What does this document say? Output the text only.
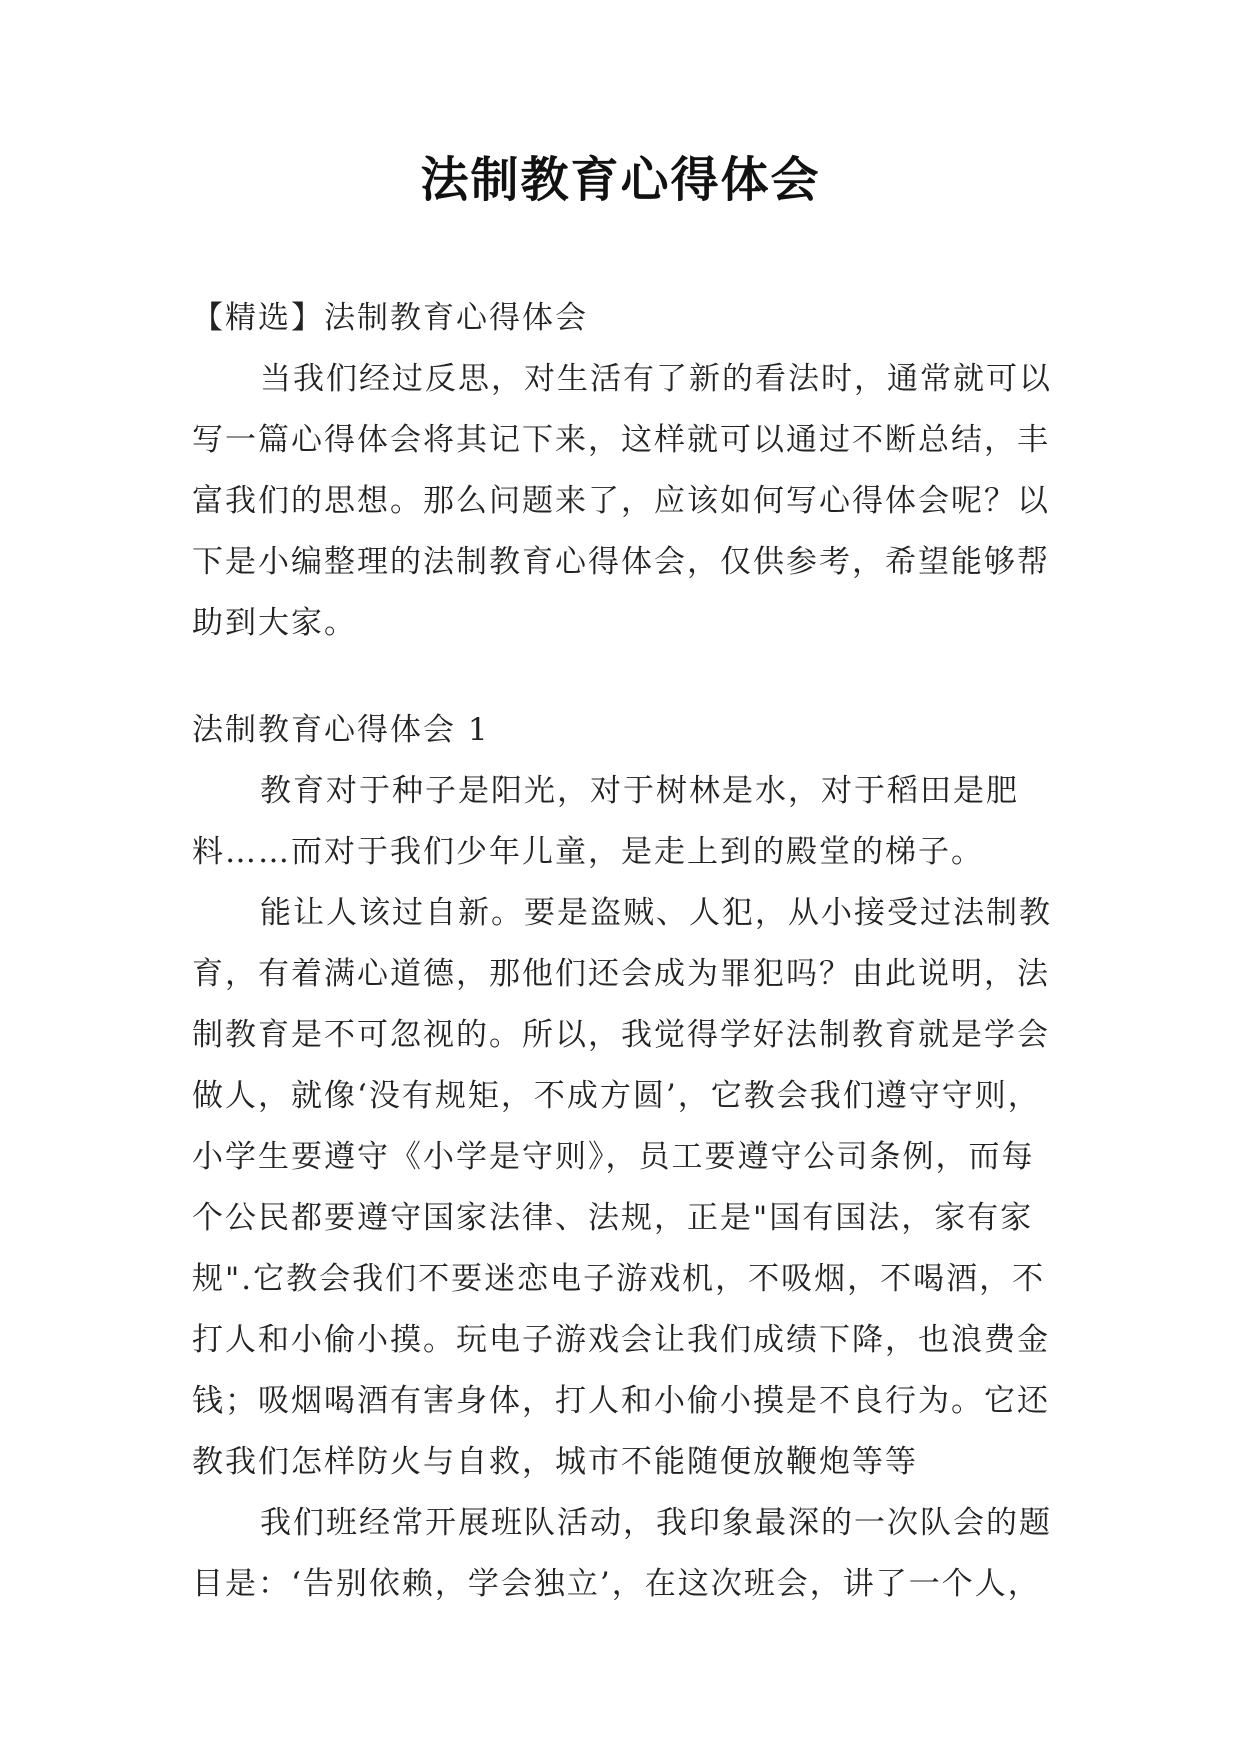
法制教育心得体会

【精选】法制教育心得体会

当我们经过反思，对生活有了新的看法时，通常就可以
写一篇心得体会将其记下来，这样就可以通过不断总结，丰
富我们的思想。那么问题来了，应该如何写心得体会呢？以
下是小编整理的法制教育心得体会，仅供参考，希望能够帮
助到大家。

法制教育心得体会 1

教育对于种子是阳光，对于树林是水，对于稻田是肥
料……而对于我们少年儿童，是走上到的殿堂的梯子。

能让人该过自新。要是盗贼、人犯，从小接受过法制教
育，有着满心道德，那他们还会成为罪犯吗？由此说明，法
制教育是不可忽视的。所以，我觉得学好法制教育就是学会
做人，就像‘没有规矩，不成方圆’，它教会我们遵守守则，
小学生要遵守《小学是守则》，员工要遵守公司条例，而每
个公民都要遵守国家法律、法规，正是"国有国法，家有家
规".它教会我们不要迷恋电子游戏机，不吸烟，不喝酒，不
打人和小偷小摸。玩电子游戏会让我们成绩下降，也浪费金
钱；吸烟喝酒有害身体，打人和小偷小摸是不良行为。它还
教我们怎样防火与自救，城市不能随便放鞭炮等等

我们班经常开展班队活动，我印象最深的一次队会的题
目是：‘告别依赖，学会独立’，在这次班会，讲了一个人，
